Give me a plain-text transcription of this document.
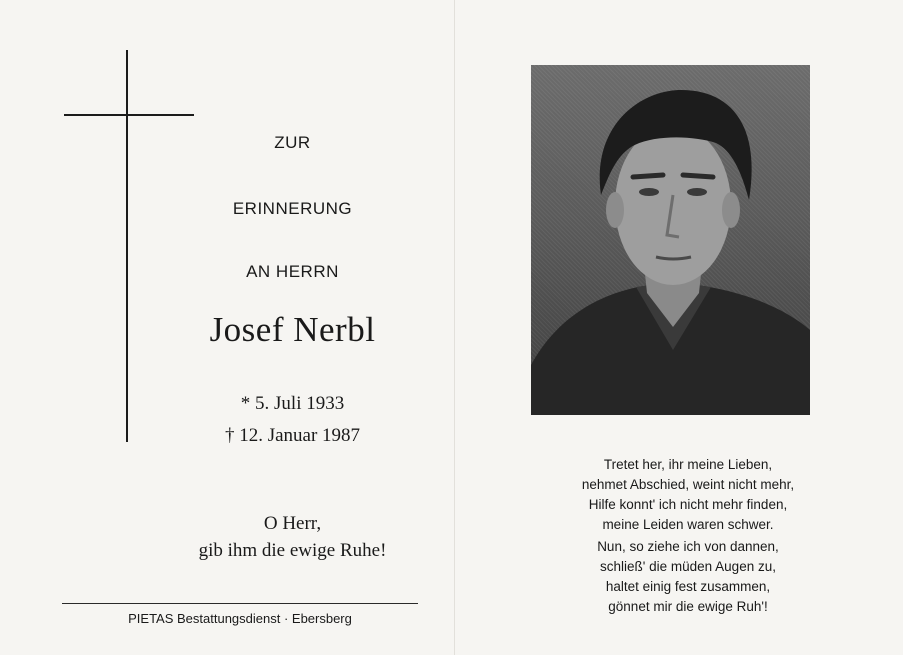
ZUR
ERINNERUNG
AN HERRN
Josef Nerbl
* 5. Juli 1933
† 12. Januar 1987
O Herr,
gib ihm die ewige Ruhe!
PIETAS Bestattungsdienst · Ebersberg
Tretet her, ihr meine Lieben,
nehmet Abschied, weint nicht mehr,
Hilfe konnt' ich nicht mehr finden,
meine Leiden waren schwer.
Nun, so ziehe ich von dannen,
schließ' die müden Augen zu,
haltet einig fest zusammen,
gönnet mir die ewige Ruh'!
